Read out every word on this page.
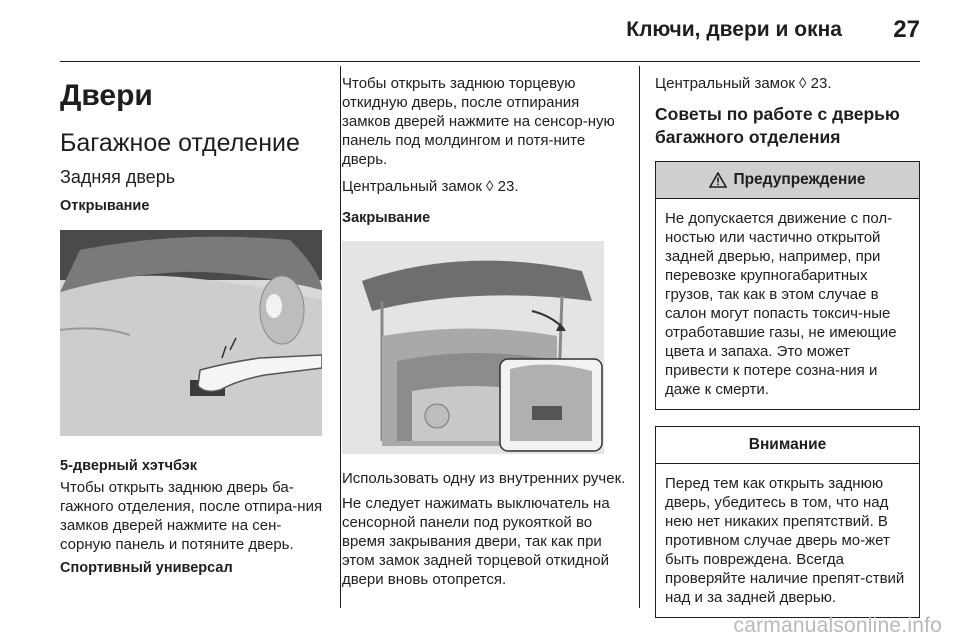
Ключи, двери и окна 27
Двери
Багажное отделение
Задняя дверь
Открывание
5-дверный хэтчбэк
Чтобы открыть заднюю дверь ба-гажного отделения, после отпира-ния замков дверей нажмите на сен-сорную панель и потяните дверь.
Спортивный универсал
Чтобы открыть заднюю торцевую откидную дверь, после отпирания замков дверей нажмите на сенсор-ную панель под молдингом и потя-ните дверь.
Центральный замок ◊ 23.
Закрывание
Использовать одну из внутренних ручек.
Не следует нажимать выключатель на сенсорной панели под рукояткой во время закрывания двери, так как при этом замок задней торцевой откидной двери вновь отопрется.
Центральный замок ◊ 23.
Советы по работе с дверью багажного отделения
Предупреждение
Не допускается движение с пол-ностью или частично открытой задней дверью, например, при перевозке крупногабаритных грузов, так как в этом случае в салон могут попасть токсич-ные отработавшие газы, не имеющие цвета и запаха. Это может привести к потере созна-ния и даже к смерти.
Внимание
Перед тем как открыть заднюю дверь, убедитесь в том, что над нею нет никаких препятствий. В противном случае дверь мо-жет быть повреждена. Всегда проверяйте наличие препят-ствий над и за задней дверью.
carmanualsonline.info
